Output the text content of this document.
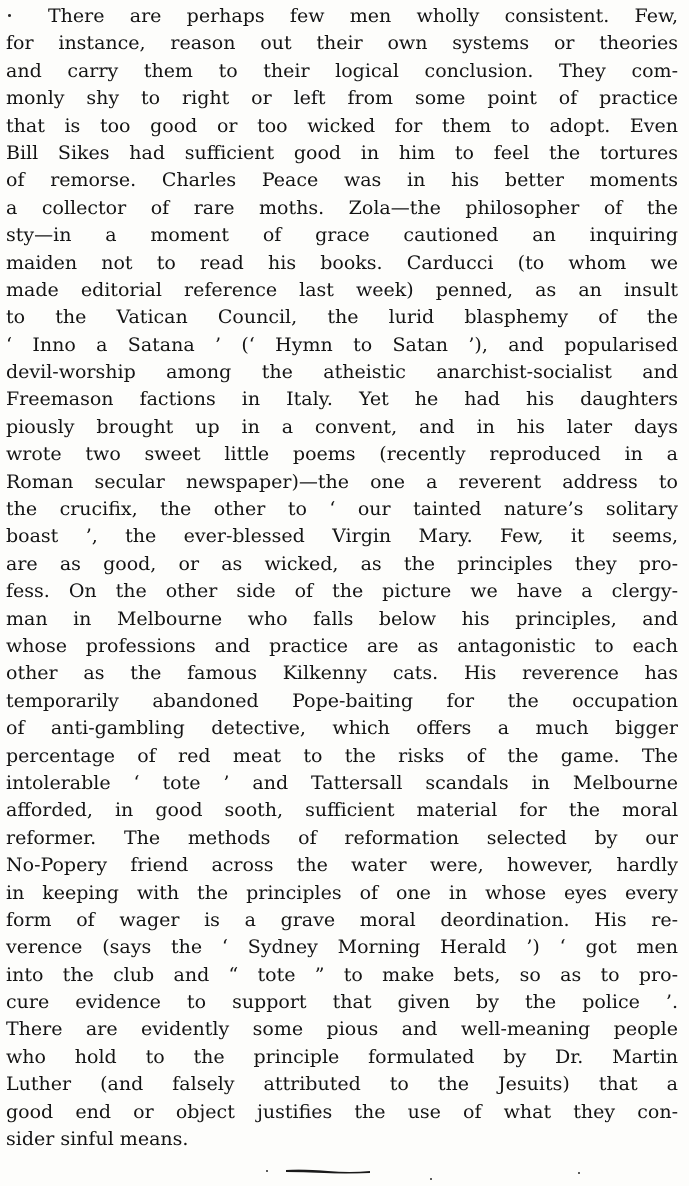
There are perhaps few men wholly consistent. Few,
for instance, reason out their own systems or theories
and carry them to their logical conclusion. They com-
monly shy to right or left from some point of practice
that is too good or too wicked for them to adopt. Even
Bill Sikes had sufficient good in him to feel the tortures
of remorse. Charles Peace was in his better moments
a collector of rare moths. Zola—the philosopher of the
sty—in a moment of grace cautioned an inquiring
maiden not to read his books. Carducci (to whom we
made editorial reference last week) penned, as an insult
to the Vatican Council, the lurid blasphemy of the
‘ Inno a Satana ’ (‘ Hymn to Satan ’), and popularised
devil-worship among the atheistic anarchist-socialist and
Freemason factions in Italy. Yet he had his daughters
piously brought up in a convent, and in his later days
wrote two sweet little poems (recently reproduced in a
Roman secular newspaper)—the one a reverent address to
the crucifix, the other to ‘ our tainted nature’s solitary
boast ’, the ever-blessed Virgin Mary. Few, it seems,
are as good, or as wicked, as the principles they pro-
fess. On the other side of the picture we have a clergy-
man in Melbourne who falls below his principles, and
whose professions and practice are as antagonistic to each
other as the famous Kilkenny cats. His reverence has
temporarily abandoned Pope-baiting for the occupation
of anti-gambling detective, which offers a much bigger
percentage of red meat to the risks of the game. The
intolerable ‘ tote ’ and Tattersall scandals in Melbourne
afforded, in good sooth, sufficient material for the moral
reformer. The methods of reformation selected by our
No-Popery friend across the water were, however, hardly
in keeping with the principles of one in whose eyes every
form of wager is a grave moral deordination. His re-
verence (says the ‘ Sydney Morning Herald ’) ‘ got men
into the club and “ tote ” to make bets, so as to pro-
cure evidence to support that given by the police ’.
There are evidently some pious and well-meaning people
who hold to the principle formulated by Dr. Martin
Luther (and falsely attributed to the Jesuits) that a
good end or object justifies the use of what they con-
sider sinful means.
